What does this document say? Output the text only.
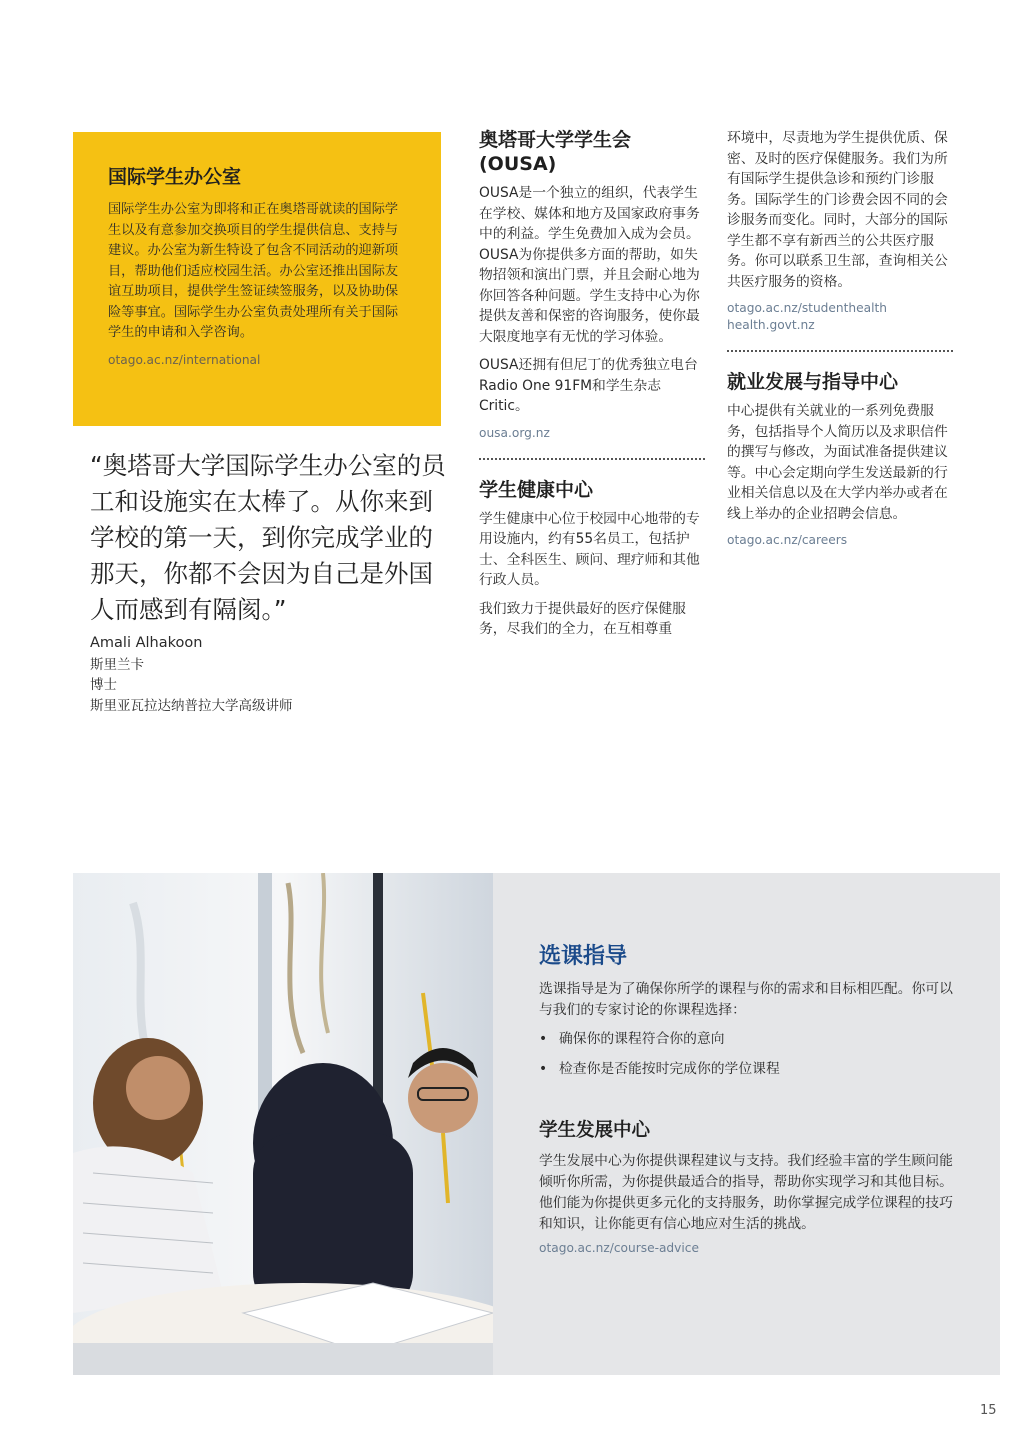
国际学生办公室

国际学生办公室为即将和正在奥塔哥就读的国际学生以及有意参加交换项目的学生提供信息、支持与建议。办公室为新生特设了包含不同活动的迎新项目，帮助他们适应校园生活。办公室还推出国际友谊互助项目，提供学生签证续签服务，以及协助保险等事宜。国际学生办公室负责处理所有关于国际学生的申请和入学咨询。

otago.ac.nz/international
“奥塔哥大学国际学生办公室的员工和设施实在太棒了。从你来到学校的第一天，到你完成学业的那天，你都不会因为自己是外国人而感到有隔阂。”
Amali Alhakoon
斯里兰卡
博士
斯里亚瓦拉达纳普拉大学高级讲师
奥塔哥大学学生会(OUSA)

OUSA是一个独立的组织，代表学生在学校、媒体和地方及国家政府事务中的利益。学生免费加入成为会员。OUSA为你提供多方面的帮助，如失物招领和演出门票，并且会耐心地为你回答各种问题。学生支持中心为你提供友善和保密的咨询服务，使你最大限度地享有无忧的学习体验。

OUSA还拥有但尼丁的优秀独立电台Radio One 91FM和学生杂志Critic。

ousa.org.nz
学生健康中心

学生健康中心位于校园中心地带的专用设施内，约有55名员工，包括护士、全科医生、顾问、理疗师和其他行政人员。

我们致力于提供最好的医疗保健服务，尽我们的全力，在互相尊重

环境中，尽责地为学生提供优质、保密、及时的医疗保健服务。我们为所有国际学生提供急诊和预约门诊服务。国际学生的门诊费会因不同的会诊服务而变化。同时，大部分的国际学生都不享有新西兰的公共医疗服务。你可以联系卫生部，查询相关公共医疗服务的资格。

otago.ac.nz/studenthealth
health.govt.nz
就业发展与指导中心

中心提供有关就业的一系列免费服务，包括指导个人简历以及求职信件的撰写与修改，为面试准备提供建议等。中心会定期向学生发送最新的行业相关信息以及在大学内举办或者在线上举办的企业招聘会信息。

otago.ac.nz/careers
选课指导

选课指导是为了确保你所学的课程与你的需求和目标相匹配。你可以与我们的专家讨论的你课程选择：

• 确保你的课程符合你的意向
• 检查你是否能按时完成你的学位课程
学生发展中心

学生发展中心为你提供课程建议与支持。我们经验丰富的学生顾问能倾听你所需，为你提供最适合的指导，帮助你实现学习和其他目标。他们能为你提供更多元化的支持服务，助你掌握完成学位课程的技巧和知识，让你能更有信心地应对生活的挑战。

otago.ac.nz/course-advice
15
